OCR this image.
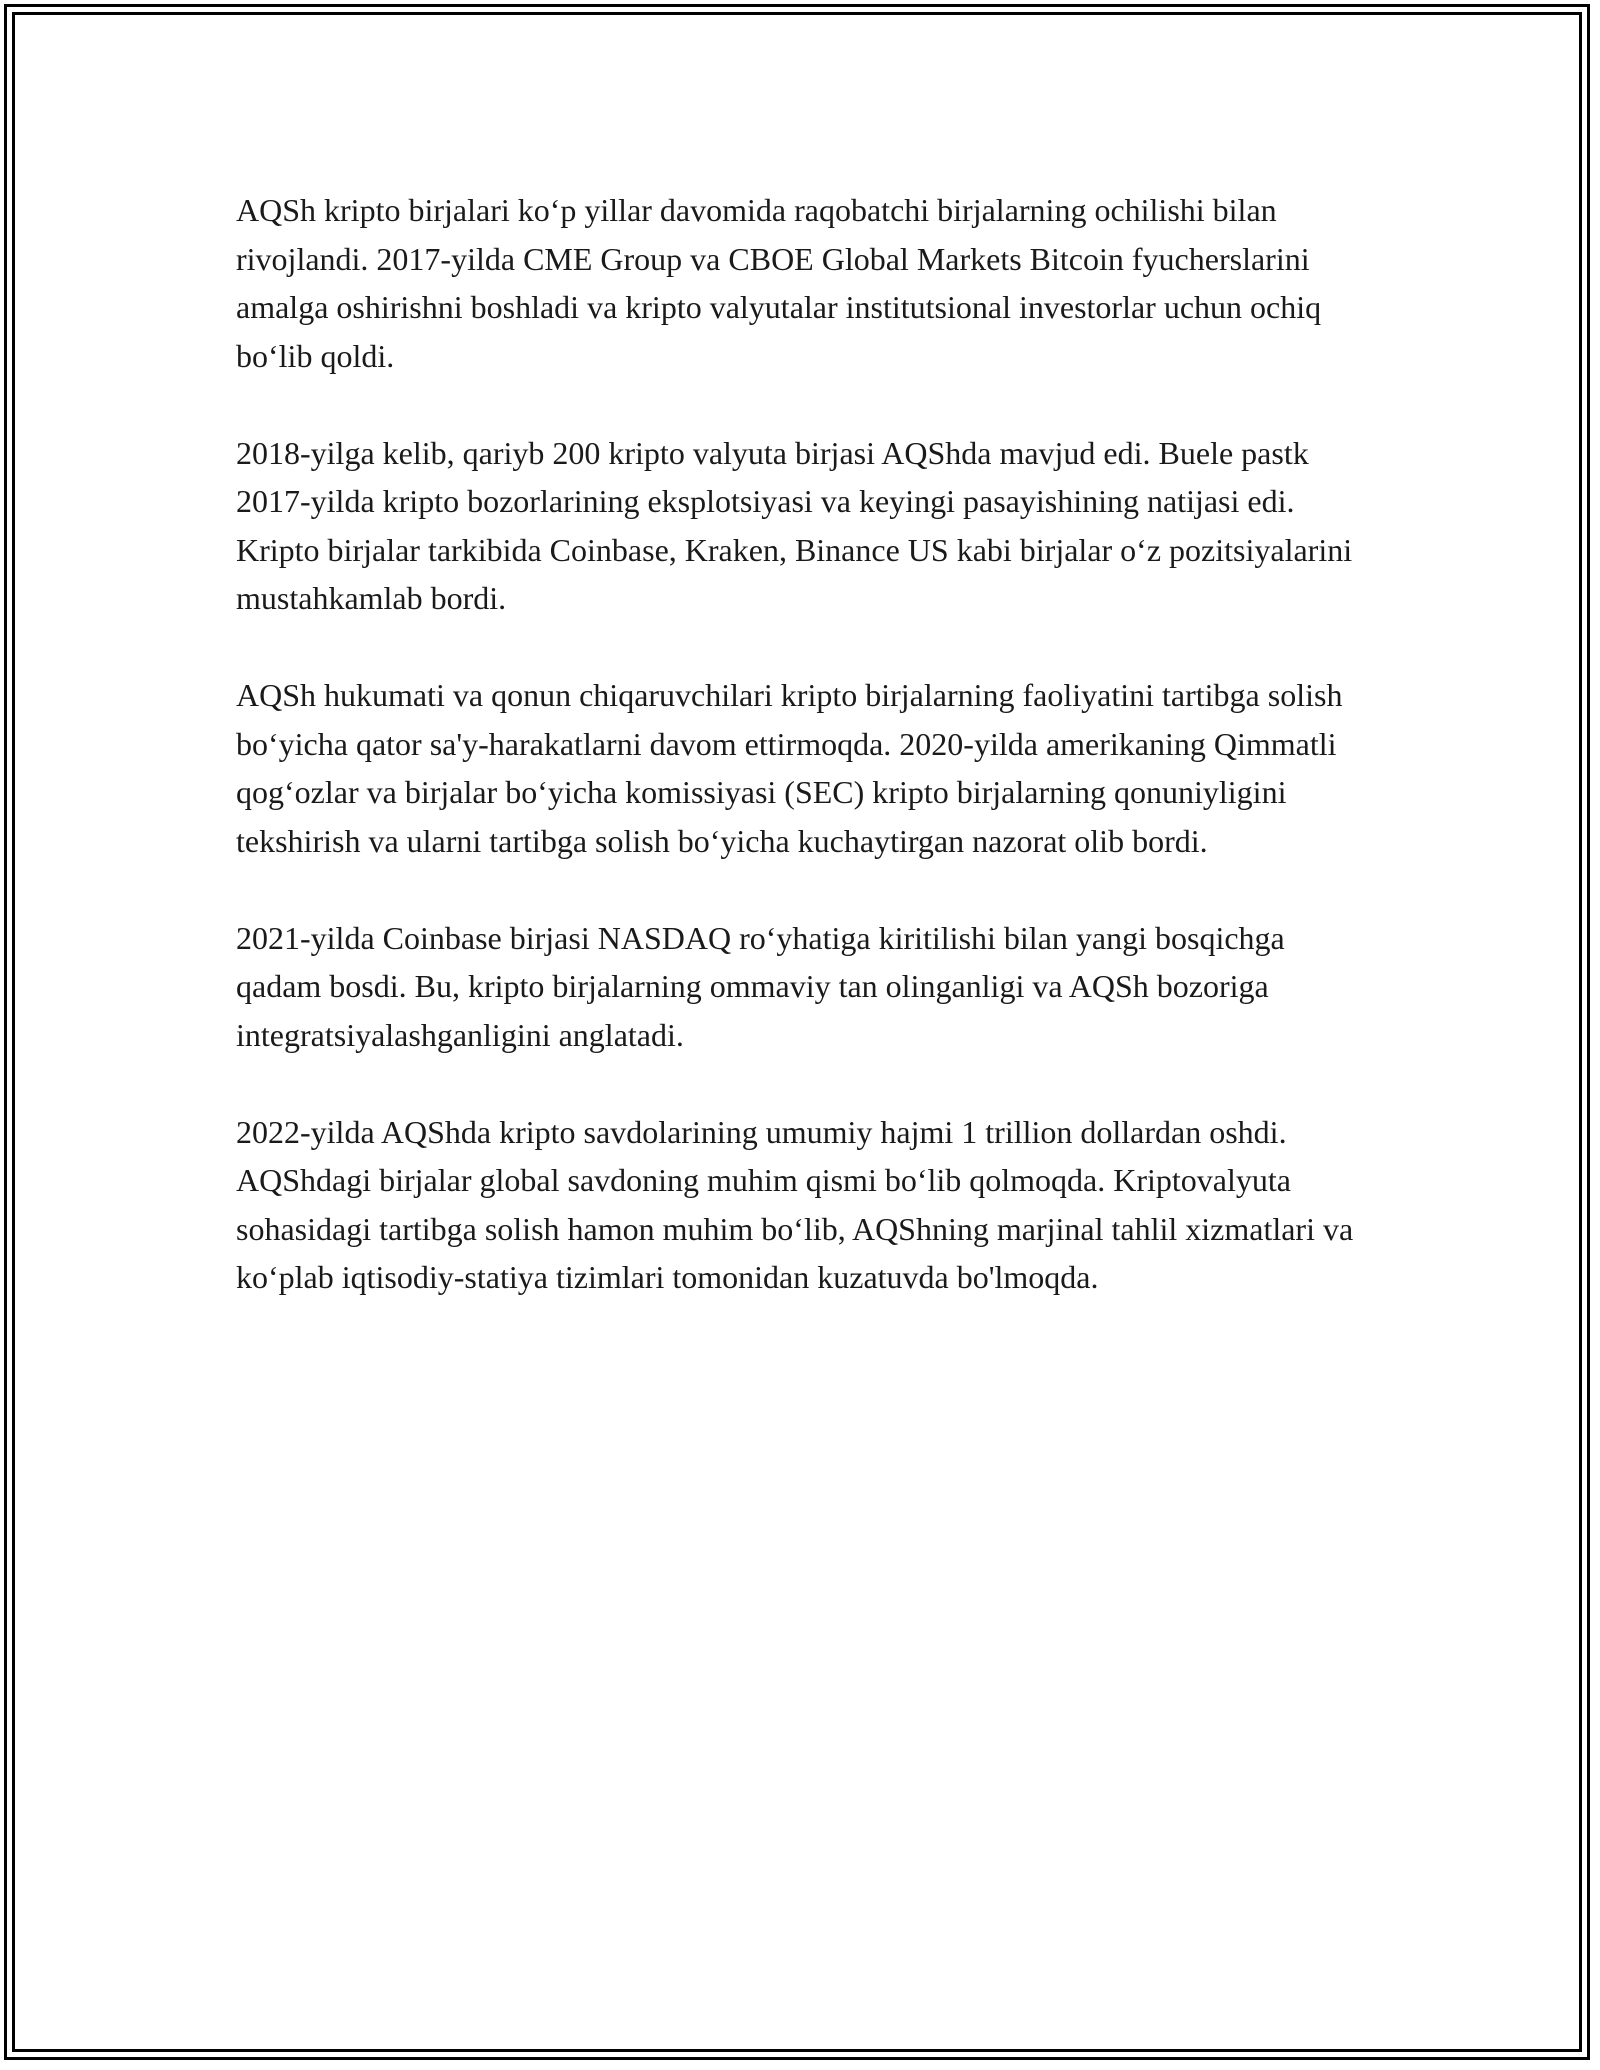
AQSh kripto birjalari koʻp yillar davomida raqobatchi birjalarning ochilishi bilan rivojlandi. 2017-yilda CME Group va CBOE Global Markets Bitcoin fyucherslarini amalga oshirishni boshladi va kripto valyutalar institutsional investorlar uchun ochiq boʻlib qoldi.

2018-yilga kelib, qariyb 200 kripto valyuta birjasi AQShda mavjud edi. Buele pastk 2017-yilda kripto bozorlarining eksplotsiyasi va keyingi pasayishining natijasi edi. Kripto birjalar tarkibida Coinbase, Kraken, Binance US kabi birjalar oʻz pozitsiyalarini mustahkamlab bordi.

AQSh hukumati va qonun chiqaruvchilari kripto birjalarning faoliyatini tartibga solish boʻyicha qator sa'y-harakatlarni davom ettirmoqda. 2020-yilda amerikaning Qimmatli qogʻozlar va birjalar boʻyicha komissiyasi (SEC) kripto birjalarning qonuniyligini tekshirish va ularni tartibga solish boʻyicha kuchaytirgan nazorat olib bordi.

2021-yilda Coinbase birjasi NASDAQ roʻyhatiga kiritilishi bilan yangi bosqichga qadam bosdi. Bu, kripto birjalarning ommaviy tan olinganligi va AQSh bozoriga integratsiyalashganligini anglatadi.

2022-yilda AQShda kripto savdolarining umumiy hajmi 1 trillion dollardan oshdi. AQShdagi birjalar global savdoning muhim qismi boʻlib qolmoqda. Kriptovalyuta sohasidagi tartibga solish hamon muhim boʻlib, AQShning marjinal tahlil xizmatlari va koʻplab iqtisodiy-statiya tizimlari tomonidan kuzatuvda bo'lmoqda.
